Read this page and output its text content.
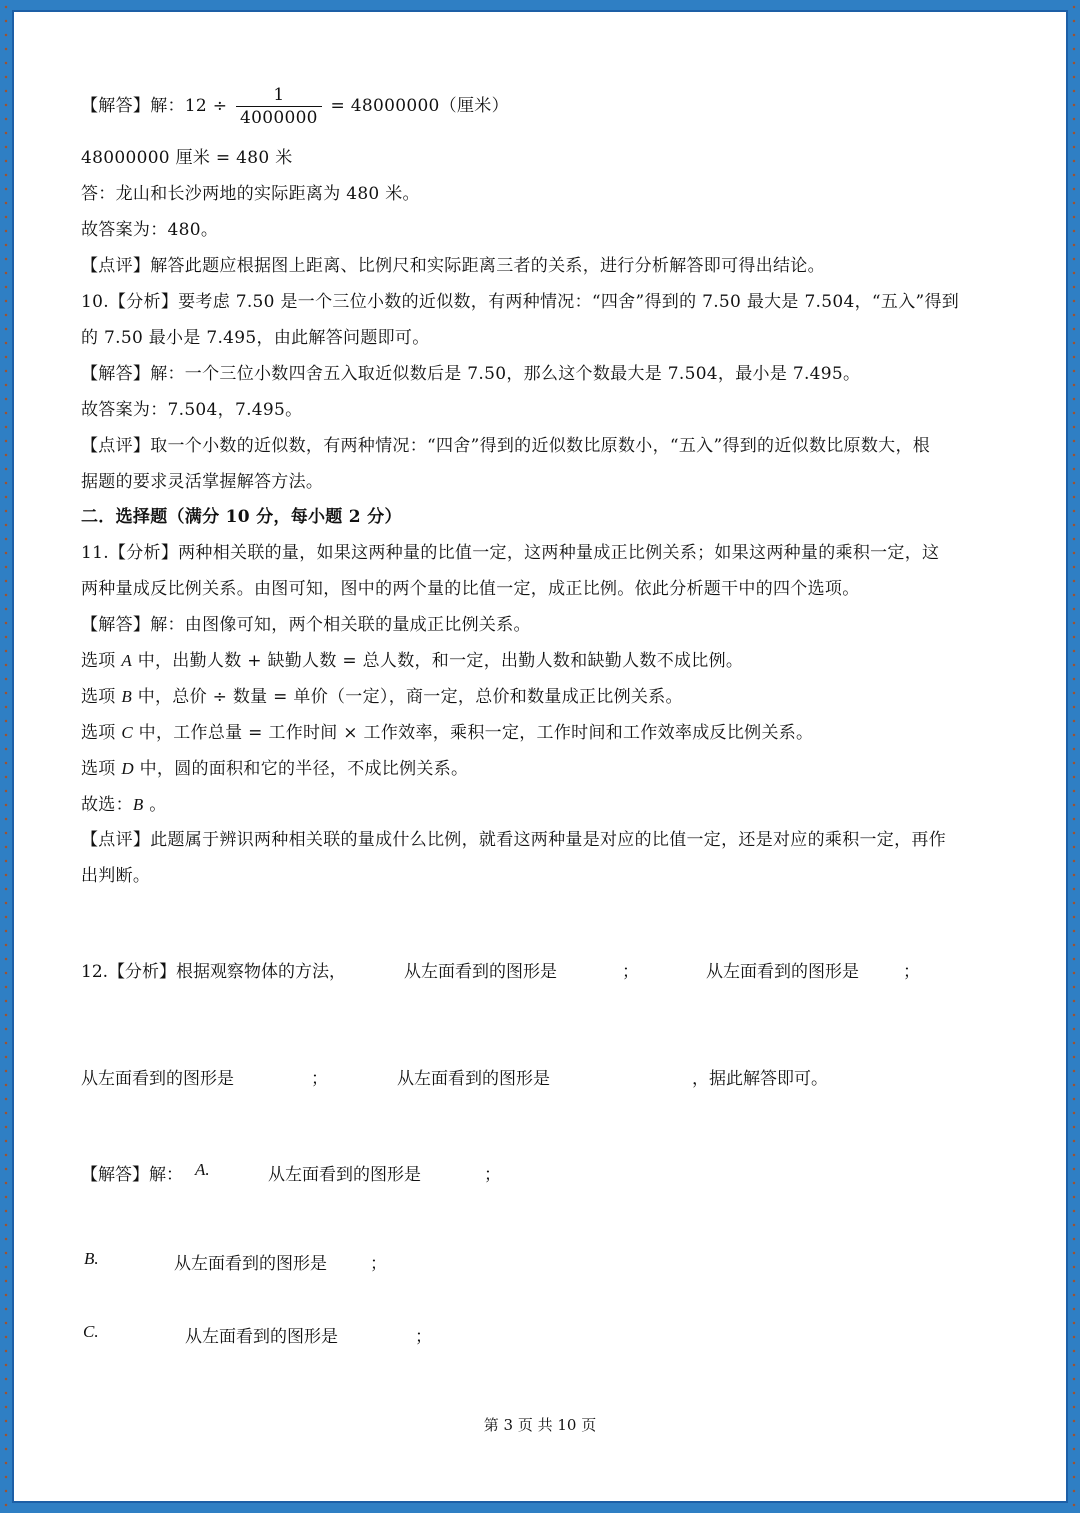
【解答】解：$12 \div \frac{1}{4000000} = 48000000$（厘米）
48000000 厘米 = 480 米
答：龙山和长沙两地的实际距离为 480 米。
故答案为：480。
【点评】解答此题应根据图上距离、比例尺和实际距离三者的关系，进行分析解答即可得出结论。
10.【分析】要考虑 7.50 是一个三位小数的近似数，有两种情况：“四舍”得到的 7.50 最大是 7.504，“五入”得到
的 7.50 最小是 7.495，由此解答问题即可。
【解答】解：一个三位小数四舍五入取近似数后是 7.50，那么这个数最大是 7.504，最小是 7.495。
故答案为：7.504，7.495。
【点评】取一个小数的近似数，有两种情况：“四舍”得到的近似数比原数小，“五入”得到的近似数比原数大，根
据题的要求灵活掌握解答方法。
二．选择题（满分 10 分，每小题 2 分）
11.【分析】两种相关联的量，如果这两种量的比值一定，这两种量成正比例关系；如果这两种量的乘积一定，这
两种量成反比例关系。由图可知，图中的两个量的比值一定，成正比例。依此分析题干中的四个选项。
【解答】解：由图像可知，两个相关联的量成正比例关系。
选项 A 中，出勤人数 + 缺勤人数 = 总人数，和一定，出勤人数和缺勤人数不成比例。
选项 B 中，总价 ÷ 数量 = 单价（一定），商一定，总价和数量成正比例关系。
选项 C 中，工作总量 = 工作时间 × 工作效率，乘积一定，工作时间和工作效率成反比例关系。
选项 D 中，圆的面积和它的半径，不成比例关系。
故选：B 。
【点评】此题属于辨识两种相关联的量成什么比例，就看这两种量是对应的比值一定，还是对应的乘积一定，再作
出判断。
12.【分析】根据观察物体的方法，	从左面看到的图形是	；	从左面看到的图形是	；
从左面看到的图形是	；	从左面看到的图形是	，据此解答即可。
【解答】解： A.	从左面看到的图形是	；
B.	从左面看到的图形是	；
C.	从左面看到的图形是	；
第 3 页 共 10 页
